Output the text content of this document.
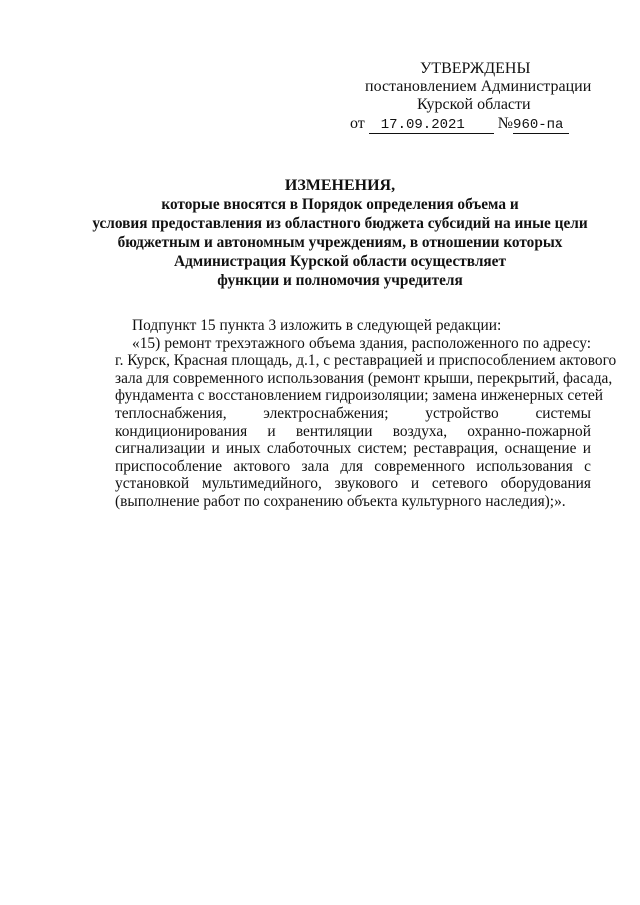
УТВЕРЖДЕНЫ
постановлением Администрации
Курской области
от 17.09.2021 №960-па
ИЗМЕНЕНИЯ,
которые вносятся в Порядок определения объема и
условия предоставления из областного бюджета субсидий на иные цели
бюджетным и автономным учреждениям, в отношении которых
Администрация Курской области осуществляет
функции и полномочия учредителя
Подпункт 15 пункта 3 изложить в следующей редакции:
«15) ремонт трехэтажного объема здания, расположенного по адресу:
г. Курск, Красная площадь, д.1, с реставрацией и приспособлением актового
зала для современного использования (ремонт крыши, перекрытий, фасада,
фундамента с восстановлением гидроизоляции; замена инженерных сетей
теплоснабжения, электроснабжения; устройство системы
кондиционирования и вентиляции воздуха, охранно-пожарной
сигнализации и иных слаботочных систем; реставрация, оснащение и
приспособление актового зала для современного использования с
установкой мультимедийного, звукового и сетевого оборудования
(выполнение работ по сохранению объекта культурного наследия);».
